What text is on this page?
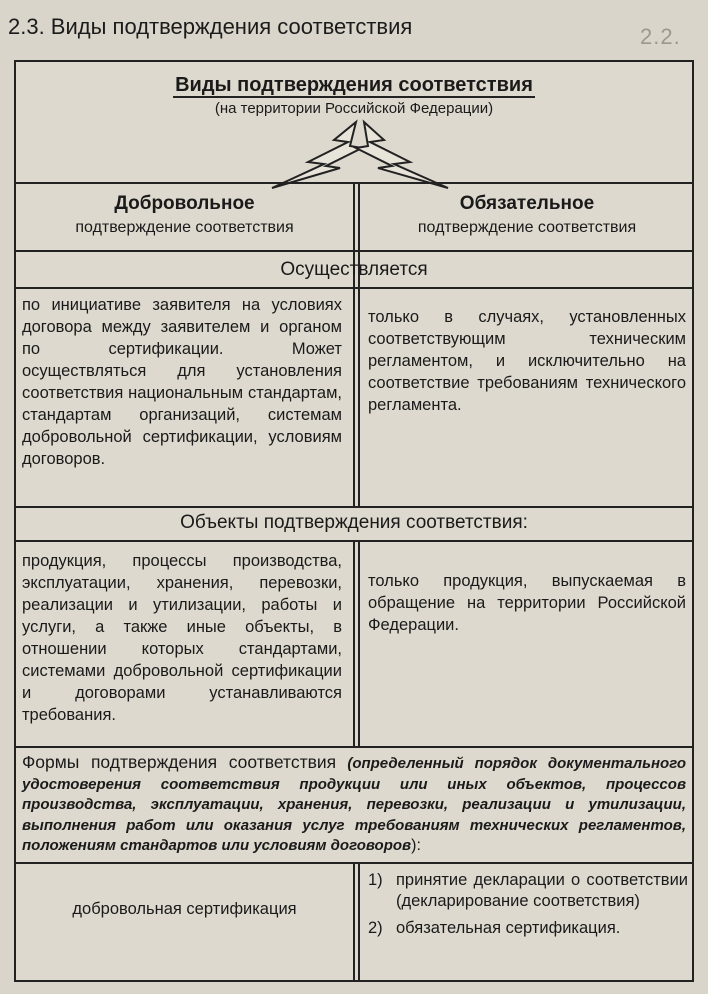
2.2.
2.3. Виды подтверждения соответствия
Виды подтверждения соответствия
(на территории Российской Федерации)
Добровольное
подтверждение соответствия
Обязательное
подтверждение соответствия
Осуществляется
по инициативе заявителя на условиях договора между заявителем и органом по сертификации. Может осуществляться для установления соответствия национальным стандартам, стандартам организаций, системам добровольной сертификации, условиям договоров.
только в случаях, установленных соответствующим техническим регламентом, и исключительно на соответствие требованиям технического регламента.
Объекты подтверждения соответствия:
продукция, процессы производства, эксплуатации, хранения, перевозки, реализации и утилизации, работы и услуги, а также иные объекты, в отношении которых стандартами, системами добровольной сертификации и договорами устанавливаются требования.
только продукция, выпускаемая в обращение на территории Российской Федерации.
Формы подтверждения соответствия (определенный порядок документального удостоверения соответствия продукции или иных объектов, процессов производства, эксплуатации, хранения, перевозки, реализации и утилизации, выполнения работ или оказания услуг требованиям технических регламентов, положениям стандартов или условиям договоров):
добровольная сертификация
1) принятие декларации о соответствии (декларирование соответствия)
2) обязательная сертификация.
